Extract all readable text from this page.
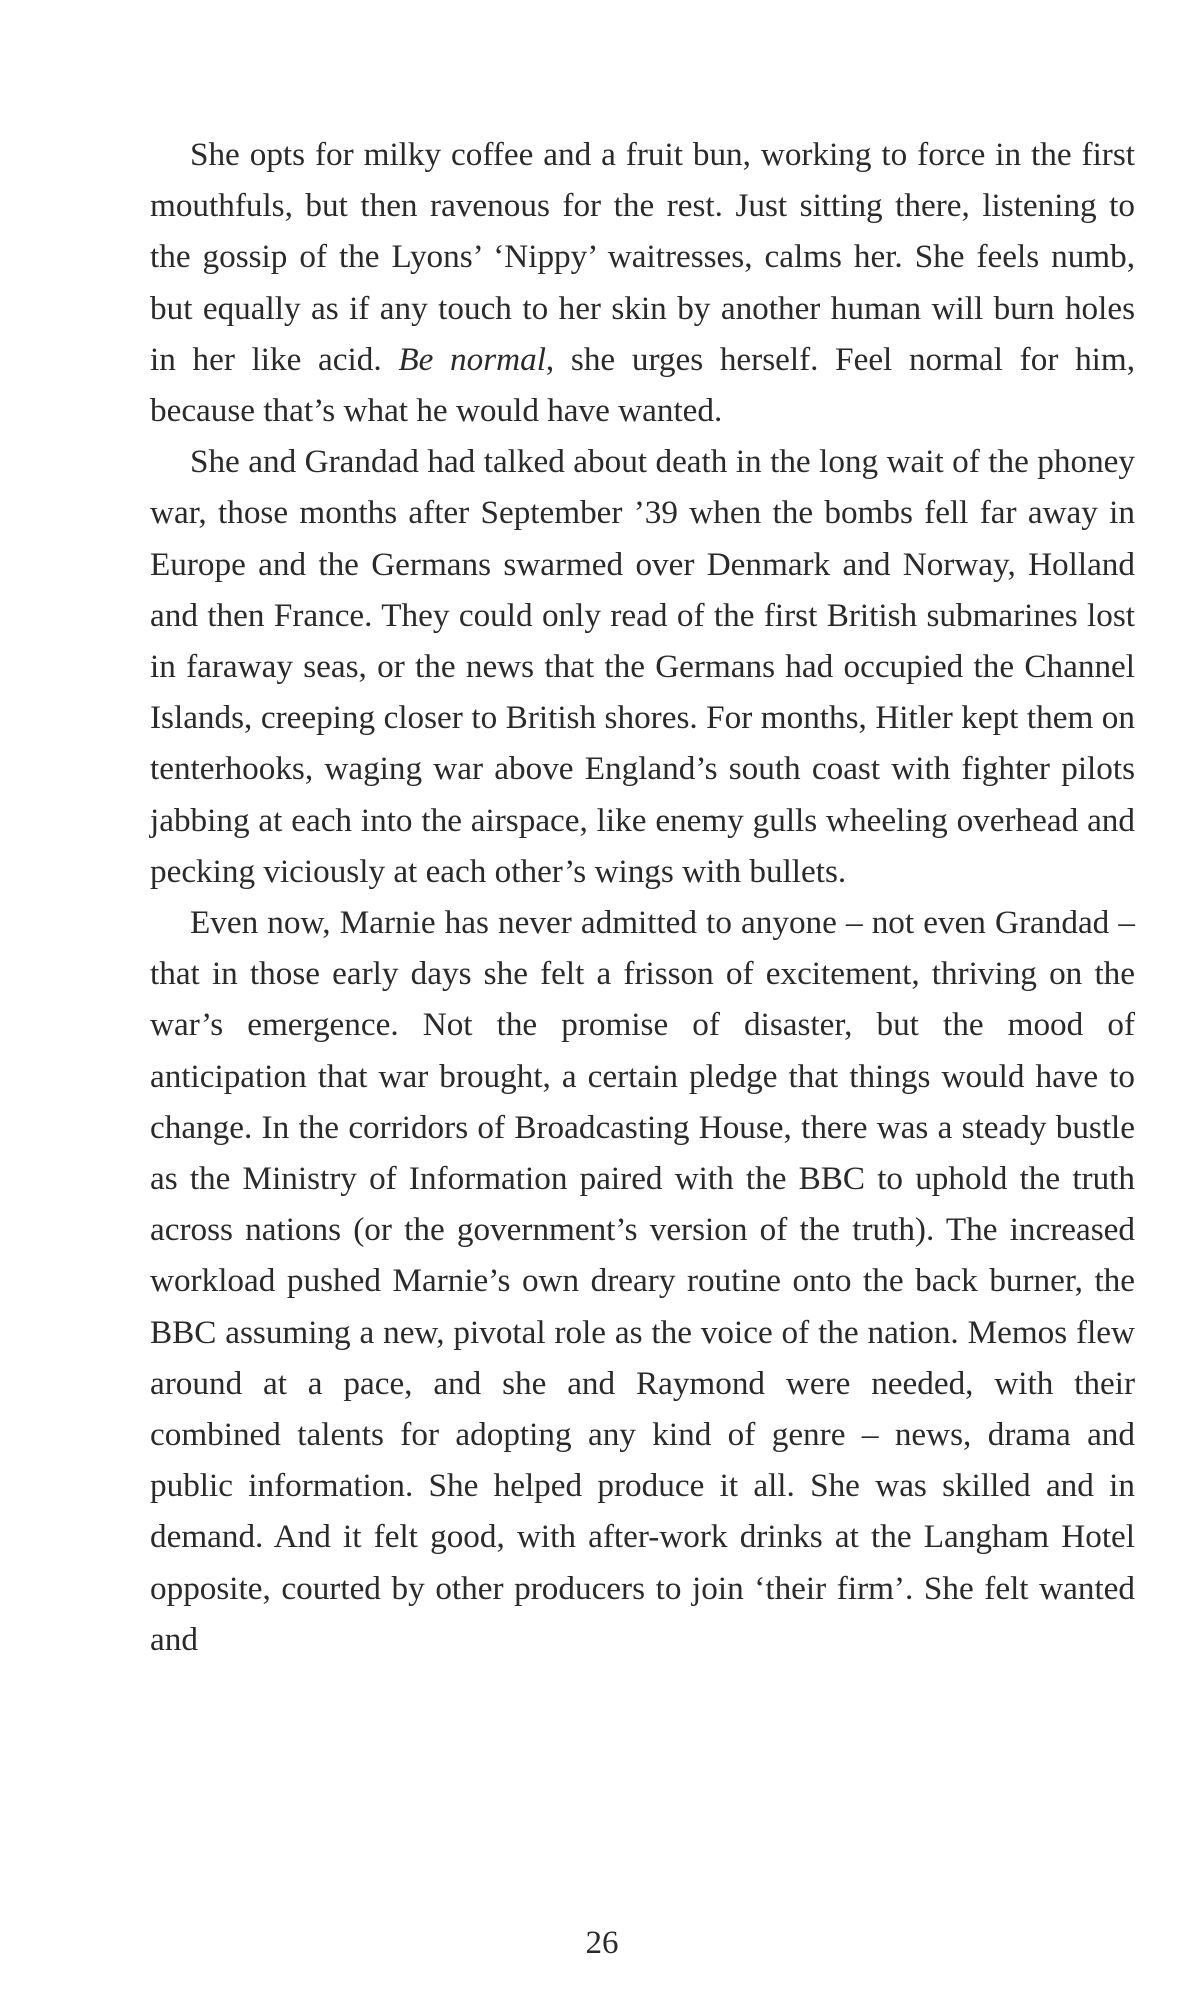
She opts for milky coffee and a fruit bun, working to force in the first mouthfuls, but then ravenous for the rest. Just sitting there, listening to the gossip of the Lyons’ ‘Nippy’ waitresses, calms her. She feels numb, but equally as if any touch to her skin by another human will burn holes in her like acid. Be normal, she urges herself. Feel normal for him, because that’s what he would have wanted.

She and Grandad had talked about death in the long wait of the phoney war, those months after September ’39 when the bombs fell far away in Europe and the Germans swarmed over Denmark and Norway, Holland and then France. They could only read of the first British submarines lost in faraway seas, or the news that the Germans had occupied the Channel Islands, creeping closer to British shores. For months, Hitler kept them on tenterhooks, waging war above England’s south coast with fighter pilots jabbing at each into the airspace, like enemy gulls wheeling overhead and pecking viciously at each other’s wings with bullets.

Even now, Marnie has never admitted to anyone – not even Grandad – that in those early days she felt a frisson of excitement, thriving on the war’s emergence. Not the promise of disaster, but the mood of anticipation that war brought, a certain pledge that things would have to change. In the corridors of Broadcasting House, there was a steady bustle as the Ministry of Information paired with the BBC to uphold the truth across nations (or the government’s version of the truth). The increased workload pushed Marnie’s own dreary routine onto the back burner, the BBC assuming a new, pivotal role as the voice of the nation. Memos flew around at a pace, and she and Raymond were needed, with their combined talents for adopting any kind of genre – news, drama and public information. She helped produce it all. She was skilled and in demand. And it felt good, with after-work drinks at the Langham Hotel opposite, courted by other producers to join ‘their firm’. She felt wanted and

26
